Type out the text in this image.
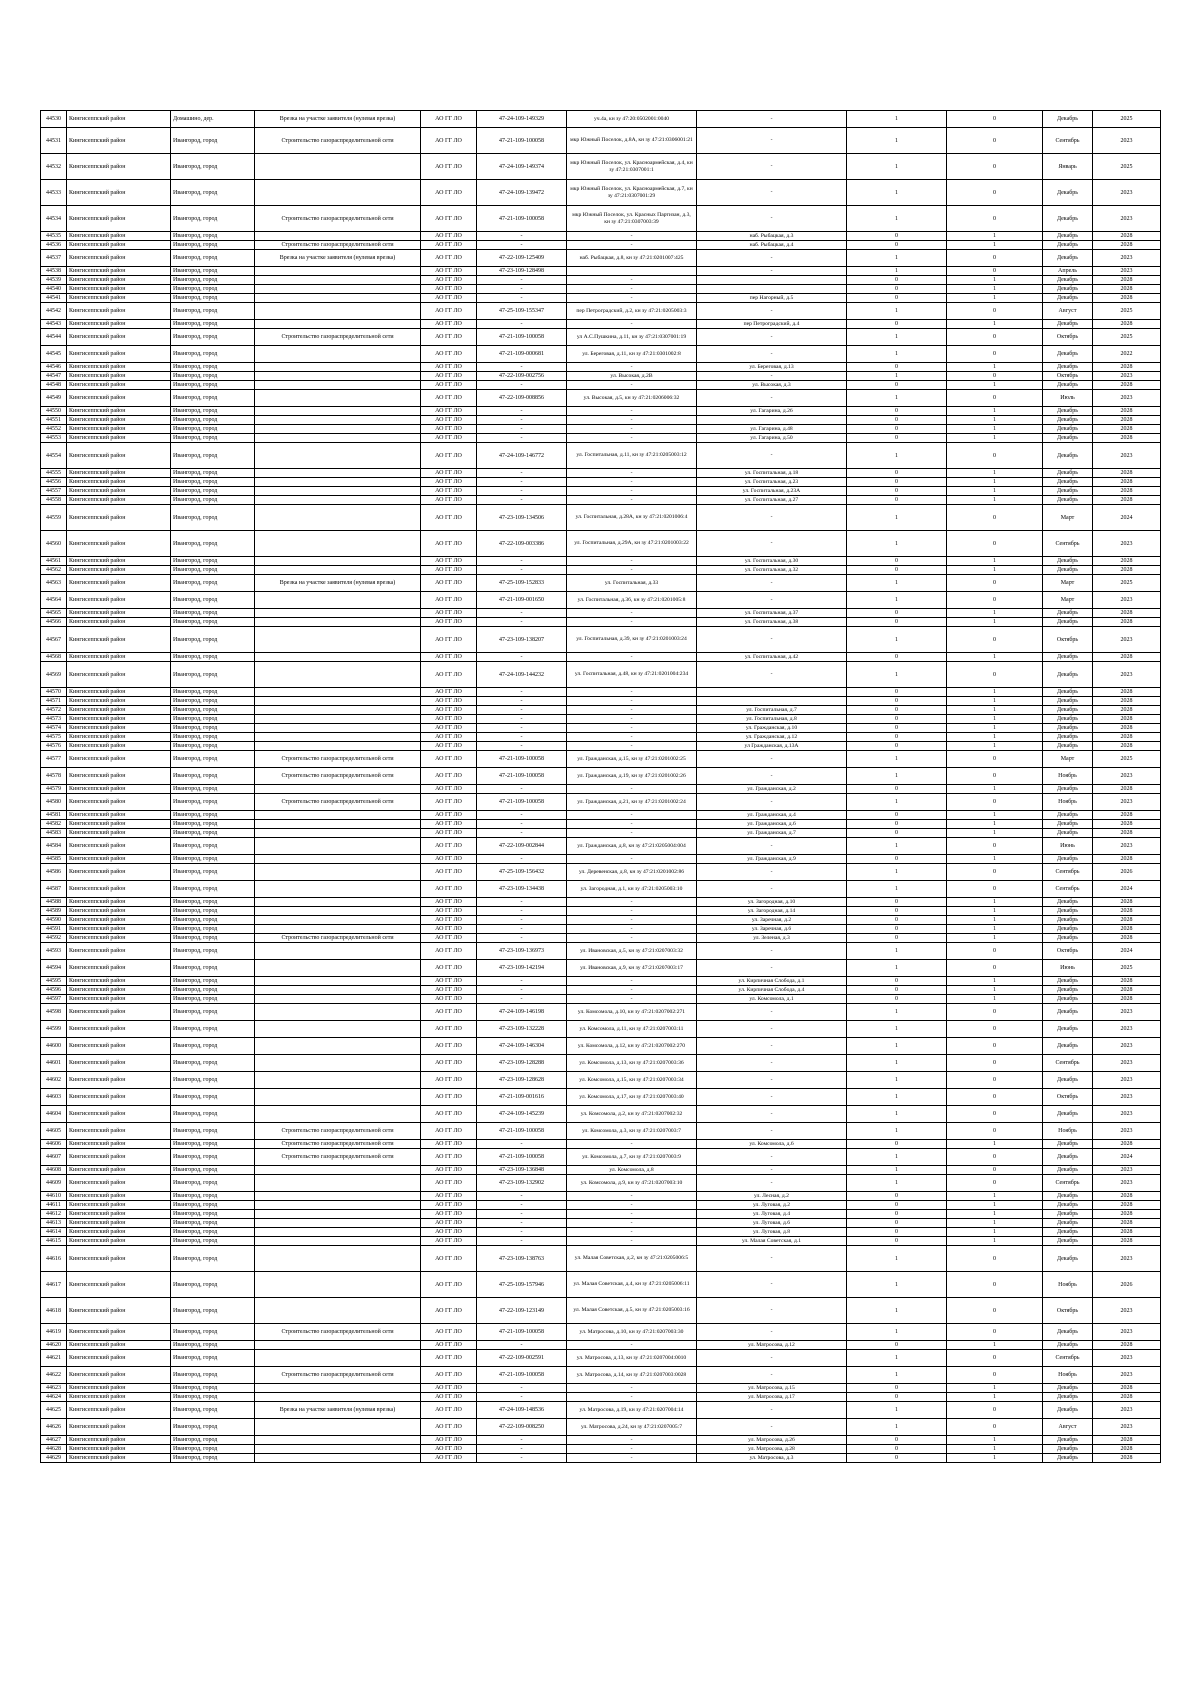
44530	Кингисеппский район	Домашино, дер.	Врезка на участке заявителя (нулевая врезка)	АО ГГ ЛО	47-24-109-149329	уч.4а, кн зу 47:20:0502001:0040	-	1	0	Декабрь	2025
44531	Кингисеппский район	Ивангород, город	Строительство газораспределительной сети	АО ГГ ЛО	47-21-109-100058	мкр Южный Поселок, д.8А, кн зу 47:21:0306001:21	-	1	0	Сентябрь	2023
44532	Кингисеппский район	Ивангород, город		АО ГГ ЛО	47-24-109-149374	мкр Южный Поселок, ул. Красноармейская, д.4, кн зу 47:21:0307001:1	-	1	0	Январь	2025
44533	Кингисеппский район	Ивангород, город		АО ГГ ЛО	47-24-109-139472	мкр Южный Поселок, ул. Красноармейская, д.7, кн зу 47:21:0307001:29	-	1	0	Декабрь	2023
44534	Кингисеппский район	Ивангород, город	Строительство газораспределительной сети	АО ГГ ЛО	47-21-109-100058	мкр Южный Поселок, ул. Красных Партизан, д.3, кн зу 47:21:0307003:39	-	1	0	Декабрь	2023
44535	Кингисеппский район	Ивангород, город		АО ГГ ЛО	-	-	наб. Рыбацкая, д.3	0	1	Декабрь	2028
44536	Кингисеппский район	Ивангород, город	Строительство газораспределительной сети	АО ГГ ЛО	-	-	наб. Рыбацкая, д.4	0	1	Декабрь	2028
44537	Кингисеппский район	Ивангород, город	Врезка на участке заявителя (нулевая врезка)	АО ГГ ЛО	47-22-109-125409	наб. Рыбацкая, д.8, кн зу 47:21:0201007:425	-	1	0	Декабрь	2023
44538	Кингисеппский район	Ивангород, город		АО ГГ ЛО	47-23-109-128498		-	1	0	Апрель	2023
44539	Кингисеппский район	Ивангород, город		АО ГГ ЛО	-	-		0	1	Декабрь	2028
44540	Кингисеппский район	Ивангород, город		АО ГГ ЛО	-	-		0	1	Декабрь	2028
44541	Кингисеппский район	Ивангород, город		АО ГГ ЛО	-	-	пер Нагорный, д.5	0	1	Декабрь	2028
44542	Кингисеппский район	Ивангород, город		АО ГГ ЛО	47-25-109-155347	пер Петроградский, д.2, кн зу 47:21:0205003:3	-	1	0	Август	2025
44543	Кингисеппский район	Ивангород, город		АО ГГ ЛО	-	-	пер Петроградский, д.4	0	1	Декабрь	2028
44544	Кингисеппский район	Ивангород, город	Строительство газораспределительной сети	АО ГГ ЛО	47-21-109-100058	ул А.С.Пушкина, д.11, кн зу 47:21:0307001:19	-	1	0	Октябрь	2025
44545	Кингисеппский район	Ивангород, город		АО ГГ ЛО	47-21-109-000681	ул. Береговая, д.11, кн зу 47:21:0301002:8	-	1	0	Декабрь	2022
44546	Кингисеппский район	Ивангород, город		АО ГГ ЛО	-	-	ул. Береговая, д.13	0	1	Декабрь	2028
44547	Кингисеппский район	Ивангород, город		АО ГГ ЛО	47-22-109-002756	ул. Высокая, д.2В	-	1	0	Октябрь	2023
44548	Кингисеппский район	Ивангород, город		АО ГГ ЛО	-	-	ул. Высокая, д.3	0	1	Декабрь	2028
44549	Кингисеппский район	Ивангород, город		АО ГГ ЛО	47-22-109-008856	ул. Высокая, д.5, кн зу 47:21:0206006:32	-	1	0	Июль	2023
44550	Кингисеппский район	Ивангород, город		АО ГГ ЛО	-	-	ул. Гагарина, д.26	0	1	Декабрь	2028
44551	Кингисеппский район	Ивангород, город		АО ГГ ЛО	-	-		0	1	Декабрь	2028
44552	Кингисеппский район	Ивангород, город		АО ГГ ЛО	-	-	ул. Гагарина, д.48	0	1	Декабрь	2028
44553	Кингисеппский район	Ивангород, город		АО ГГ ЛО	-	-	ул. Гагарина, д.50	0	1	Декабрь	2028
44554	Кингисеппский район	Ивангород, город		АО ГГ ЛО	47-24-109-146772	ул. Госпитальная, д.11, кн зу 47:21:0205003:12	-	1	0	Декабрь	2023
44555	Кингисеппский район	Ивангород, город		АО ГГ ЛО	-	-	ул. Госпитальная, д.18	0	1	Декабрь	2028
44556	Кингисеппский район	Ивангород, город		АО ГГ ЛО	-	-	ул. Госпитальная, д.23	0	1	Декабрь	2028
44557	Кингисеппский район	Ивангород, город		АО ГГ ЛО	-	-	ул. Госпитальная, д.23А	0	1	Декабрь	2028
44558	Кингисеппский район	Ивангород, город		АО ГГ ЛО	-	-	ул. Госпитальная, д.27	0	1	Декабрь	2028
44559	Кингисеппский район	Ивангород, город		АО ГГ ЛО	47-23-109-134506	ул. Госпитальная, д.28А, кн зу 47:21:0201006:4	-	1	0	Март	2024
44560	Кингисеппский район	Ивангород, город		АО ГГ ЛО	47-22-109-003386	ул. Госпитальная, д.29А, кн зу 47:21:0201003:22	-	1	0	Сентябрь	2023
44561	Кингисеппский район	Ивангород, город		АО ГГ ЛО	-	-	ул. Госпитальная, д.30	0	1	Декабрь	2028
44562	Кингисеппский район	Ивангород, город		АО ГГ ЛО	-	-	ул. Госпитальная, д.32	0	1	Декабрь	2028
44563	Кингисеппский район	Ивангород, город	Врезка на участке заявителя (нулевая врезка)	АО ГГ ЛО	47-25-109-152833	ул. Госпитальная, д.33	-	1	0	Март	2025
44564	Кингисеппский район	Ивангород, город		АО ГГ ЛО	47-21-109-001650	ул. Госпитальная, д.36, кн зу 47:21:0201005:8	-	1	0	Март	2023
44565	Кингисеппский район	Ивангород, город		АО ГГ ЛО	-	-	ул. Госпитальная, д.37	0	1	Декабрь	2028
44566	Кингисеппский район	Ивангород, город		АО ГГ ЛО	-	-	ул. Госпитальная, д.38	0	1	Декабрь	2028
44567	Кингисеппский район	Ивангород, город		АО ГГ ЛО	47-23-109-138207	ул. Госпитальная, д.39, кн зу 47:21:0201003:24	-	1	0	Октябрь	2023
44568	Кингисеппский район	Ивангород, город		АО ГГ ЛО	-	-	ул. Госпитальная, д.42	0	1	Декабрь	2028
44569	Кингисеппский район	Ивангород, город		АО ГГ ЛО	47-24-109-144232	ул. Госпитальная, д.48, кн зу 47:21:0201004:234	-	1	0	Декабрь	2023
44570	Кингисеппский район	Ивангород, город		АО ГГ ЛО	-	-		0	1	Декабрь	2028
44571	Кингисеппский район	Ивангород, город		АО ГГ ЛО	-	-		0	1	Декабрь	2028
44572	Кингисеппский район	Ивангород, город		АО ГГ ЛО	-	-	ул. Госпитальная, д.7	0	1	Декабрь	2028
44573	Кингисеппский район	Ивангород, город		АО ГГ ЛО	-	-	ул. Госпитальная, д.8	0	1	Декабрь	2028
44574	Кингисеппский район	Ивангород, город		АО ГГ ЛО	-	-	ул. Гражданская, д.10	0	1	Декабрь	2028
44575	Кингисеппский район	Ивангород, город		АО ГГ ЛО	-	-	ул. Гражданская, д.12	0	1	Декабрь	2028
44576	Кингисеппский район	Ивангород, город		АО ГГ ЛО	-	-	ул Гражданская, д.13А	0	1	Декабрь	2028
44577	Кингисеппский район	Ивангород, город	Строительство газораспределительной сети	АО ГГ ЛО	47-21-109-100058	ул. Гражданская, д.15, кн зу 47:21:0201002:25	-	1	0	Март	2025
44578	Кингисеппский район	Ивангород, город	Строительство газораспределительной сети	АО ГГ ЛО	47-21-109-100058	ул. Гражданская, д.19, кн зу 47:21:0201002:26	-	1	0	Ноябрь	2023
44579	Кингисеппский район	Ивангород, город		АО ГГ ЛО	-	-	ул. Гражданская, д.2	0	1	Декабрь	2028
44580	Кингисеппский район	Ивангород, город	Строительство газораспределительной сети	АО ГГ ЛО	47-21-109-100058	ул. Гражданская, д.21, кн зу 47:21:0201002:24	-	1	0	Ноябрь	2023
44581	Кингисеппский район	Ивангород, город		АО ГГ ЛО	-	-	ул. Гражданская, д.4	0	1	Декабрь	2028
44582	Кингисеппский район	Ивангород, город		АО ГГ ЛО	-	-	ул. Гражданская, д.6	0	1	Декабрь	2028
44583	Кингисеппский район	Ивангород, город		АО ГГ ЛО	-	-	ул. Гражданская, д.7	0	1	Декабрь	2028
44584	Кингисеппский район	Ивангород, город		АО ГГ ЛО	47-22-109-002844	ул. Гражданская, д.8, кн зу 47:21:0205004:004	-	1	0	Июнь	2023
44585	Кингисеппский район	Ивангород, город		АО ГГ ЛО	-	-	ул. Гражданская, д.9	0	1	Декабрь	2028
44586	Кингисеппский район	Ивангород, город		АО ГГ ЛО	47-25-109-156432	ул. Деревенская, д.8, кн зу 47:21:0201002:86	-	1	0	Сентябрь	2026
44587	Кингисеппский район	Ивангород, город		АО ГГ ЛО	47-23-109-134438	ул. Загородная, д.1, кн зу 47:21:0205003:10	-	1	0	Сентябрь	2024
44588	Кингисеппский район	Ивангород, город		АО ГГ ЛО	-	-	ул. Загородная, д.10	0	1	Декабрь	2028
44589	Кингисеппский район	Ивангород, город		АО ГГ ЛО	-	-	ул. Загородная, д.14	0	1	Декабрь	2028
44590	Кингисеппский район	Ивангород, город		АО ГГ ЛО	-	-	ул. Заречная, д.2	0	1	Декабрь	2028
44591	Кингисеппский район	Ивангород, город		АО ГГ ЛО	-	-	ул. Заречная, д.6	0	1	Декабрь	2028
44592	Кингисеппский район	Ивангород, город	Строительство газораспределительной сети	АО ГГ ЛО	-	-	ул. Зеленая, д.3	0	1	Декабрь	2028
44593	Кингисеппский район	Ивангород, город		АО ГГ ЛО	47-23-109-136973	ул. Ивановская, д.5, кн зу 47:21:0207003:32	-	1	0	Октябрь	2024
44594	Кингисеппский район	Ивангород, город		АО ГГ ЛО	47-23-109-142194	ул. Ивановская, д.9, кн зу 47:21:0207003:17	-	1	0	Июнь	2025
44595	Кингисеппский район	Ивангород, город		АО ГГ ЛО	-	-	ул. Кирпичная Слобода, д.1	0	1	Декабрь	2028
44596	Кингисеппский район	Ивангород, город		АО ГГ ЛО	-	-	ул. Кирпичная Слобода, д.4	0	1	Декабрь	2028
44597	Кингисеппский район	Ивангород, город		АО ГГ ЛО	-	-	ул. Комсомола, д.1	0	1	Декабрь	2028
44598	Кингисеппский район	Ивангород, город		АО ГГ ЛО	47-24-109-146198	ул. Комсомола, д.10, кн зу 47:21:0207002:271	-	1	0	Декабрь	2023
44599	Кингисеппский район	Ивангород, город		АО ГГ ЛО	47-23-109-132228	ул. Комсомола, д.11, кн зу 47:21:0207003:11	-	1	0	Декабрь	2023
44600	Кингисеппский район	Ивангород, город		АО ГГ ЛО	47-24-109-146304	ул. Комсомола, д.12, кн зу 47:21:0207002:270	-	1	0	Декабрь	2023
44601	Кингисеппский район	Ивангород, город		АО ГГ ЛО	47-23-109-128288	ул. Комсомола, д.13, кн зу 47:21:0207003:36	-	1	0	Сентябрь	2023
44602	Кингисеппский район	Ивангород, город		АО ГГ ЛО	47-23-109-128628	ул. Комсомола, д.15, кн зу 47:21:0207003:34	-	1	0	Декабрь	2023
44603	Кингисеппский район	Ивангород, город		АО ГГ ЛО	47-21-109-001616	ул. Комсомола, д.17, кн зу 47:21:0207003:40	-	1	0	Октябрь	2023
44604	Кингисеппский район	Ивангород, город		АО ГГ ЛО	47-24-109-145239	ул. Комсомола, д.2, кн зу 47:21:0207002:32	-	1	0	Декабрь	2023
44605	Кингисеппский район	Ивангород, город	Строительство газораспределительной сети	АО ГГ ЛО	47-21-109-100058	ул. Комсомола, д.3, кн зу 47:21:0207003:7	-	1	0	Ноябрь	2023
44606	Кингисеппский район	Ивангород, город	Строительство газораспределительной сети	АО ГГ ЛО	-	-	ул. Комсомола, д.6	0	1	Декабрь	2028
44607	Кингисеппский район	Ивангород, город	Строительство газораспределительной сети	АО ГГ ЛО	47-21-109-100058	ул. Комсомола, д.7, кн зу 47:21:0207003:9	-	1	0	Декабрь	2024
44608	Кингисеппский район	Ивангород, город		АО ГГ ЛО	47-23-109-136848	ул. Комсомола, д.8	-	1	0	Декабрь	2023
44609	Кингисеппский район	Ивангород, город		АО ГГ ЛО	47-23-109-132902	ул. Комсомола, д.9, кн зу 47:21:0207003:10	-	1	0	Сентябрь	2023
44610	Кингисеппский район	Ивангород, город		АО ГГ ЛО	-	-	ул. Лесная, д.2	0	1	Декабрь	2028
44611	Кингисеппский район	Ивангород, город		АО ГГ ЛО	-	-	ул. Луговая, д.2	0	1	Декабрь	2028
44612	Кингисеппский район	Ивангород, город		АО ГГ ЛО	-	-	ул. Луговая, д.4	0	1	Декабрь	2028
44613	Кингисеппский район	Ивангород, город		АО ГГ ЛО	-	-	ул. Луговая, д.6	0	1	Декабрь	2028
44614	Кингисеппский район	Ивангород, город		АО ГГ ЛО	-	-	ул. Луговая, д.8	0	1	Декабрь	2028
44615	Кингисеппский район	Ивангород, город		АО ГГ ЛО	-	-	ул. Малая Советская, д.1	0	1	Декабрь	2028
44616	Кингисеппский район	Ивангород, город		АО ГГ ЛО	47-23-109-138763	ул. Малая Советская, д.2, кн зу 47:21:0205006:5	-	1	0	Декабрь	2023
44617	Кингисеппский район	Ивангород, город		АО ГГ ЛО	47-25-109-157946	ул. Малая Советская, д.4, кн зу 47:21:0205006:11	-	1	0	Ноябрь	2026
44618	Кингисеппский район	Ивангород, город		АО ГГ ЛО	47-22-109-123149	ул. Малая Советская, д.5, кн зу 47:21:0205003:16	-	1	0	Октябрь	2023
44619	Кингисеппский район	Ивангород, город	Строительство газораспределительной сети	АО ГГ ЛО	47-21-109-100058	ул. Матросова, д.10, кн зу 47:21:0207003:30	-	1	0	Декабрь	2023
44620	Кингисеппский район	Ивангород, город		АО ГГ ЛО	-	-	ул. Матросова, д.12	0	1	Декабрь	2028
44621	Кингисеппский район	Ивангород, город		АО ГГ ЛО	47-22-109-002591	ул. Матросова, д.13, кн зу 47:21:0207004:0010	-	1	0	Сентябрь	2023
44622	Кингисеппский район	Ивангород, город	Строительство газораспределительной сети	АО ГГ ЛО	47-21-109-100058	ул. Матросова, д.14, кн зу 47:21:0207003:0028	-	1	0	Ноябрь	2023
44623	Кингисеппский район	Ивангород, город		АО ГГ ЛО	-	-	ул. Матросова, д.15	0	1	Декабрь	2028
44624	Кингисеппский район	Ивангород, город		АО ГГ ЛО	-	-	ул. Матросова, д.17	0	1	Декабрь	2028
44625	Кингисеппский район	Ивангород, город	Врезка на участке заявителя (нулевая врезка)	АО ГГ ЛО	47-24-109-148536	ул. Матросова, д.19, кн зу 47:21:0207004:14	-	1	0	Декабрь	2023
44626	Кингисеппский район	Ивангород, город		АО ГГ ЛО	47-22-109-008250	ул. Матросова, д.24, кн зу 47:21:0207005:7	-	1	0	Август	2023
44627	Кингисеппский район	Ивангород, город		АО ГГ ЛО	-	-	ул. Матросова, д.26	0	1	Декабрь	2028
44628	Кингисеппский район	Ивангород, город		АО ГГ ЛО	-	-	ул. Матросова, д.28	0	1	Декабрь	2028
44629	Кингисеппский район	Ивангород, город		АО ГГ ЛО	-	-	ул. Матросова, д.3	0	1	Декабрь	2028
